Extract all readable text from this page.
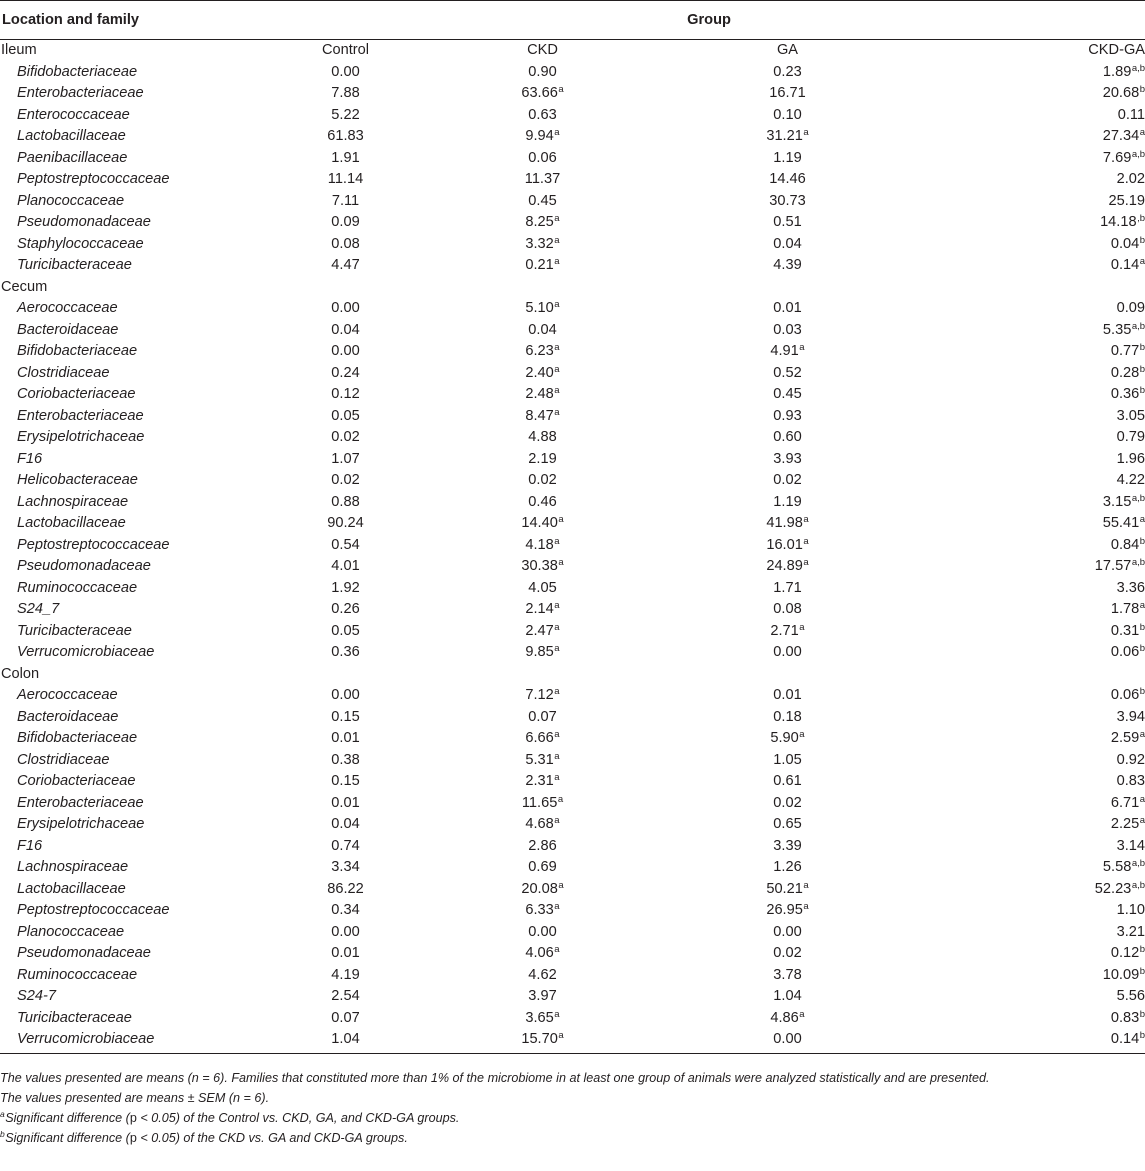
Location and family	Group			
Ileum	Control	CKD	GA	CKD-GA
Bifidobacteriaceae	0.00	0.90	0.23	1.89$^{a,b}$
Enterobacteriaceae	7.88	63.66$^a$	16.71	20.68$^b$
Enterococcaceae	5.22	0.63	0.10	0.11
Lactobacillaceae	61.83	9.94$^a$	31.21$^a$	27.34$^a$
Paenibacillaceae	1.91	0.06	1.19	7.69$^{a,b}$
Peptostreptococcaceae	11.14	11.37	14.46	2.02
Planococcaceae	7.11	0.45	30.73	25.19
Pseudomonadaceae	0.09	8.25$^a$	0.51	$14.18^{,b}$
Staphylococcaceae	0.08	3.32$^a$	0.04	0.04$^b$
Turicibacteraceae	4.47	0.21$^a$	4.39	0.14$^a$
Cecum				
Aerococcaceae	0.00	5.10$^a$	0.01	0.09
Bacteroidaceae	0.04	0.04	0.03	5.35$^{a,b}$
Bifidobacteriaceae	0.00	6.23$^a$	4.91$^a$	0.77$^b$
Clostridiaceae	0.24	2.40$^a$	0.52	0.28$^b$
Coriobacteriaceae	0.12	2.48$^a$	0.45	0.36$^b$
Enterobacteriaceae	0.05	8.47$^a$	0.93	3.05
Erysipelotrichaceae	0.02	4.88	0.60	0.79
F16	1.07	2.19	3.93	1.96
Helicobacteraceae	0.02	0.02	0.02	4.22
Lachnospiraceae	0.88	0.46	1.19	3.15$^{a,b}$
Lactobacillaceae	90.24	14.40$^a$	41.98$^a$	55.41$^a$
Peptostreptococcaceae	0.54	4.18$^a$	16.01$^a$	0.84$^b$
Pseudomonadaceae	4.01	30.38$^a$	24.89$^a$	17.57$^{a,b}$
Ruminococcaceae	1.92	4.05	1.71	3.36
S24_7	0.26	2.14$^a$	0.08	1.78$^a$
Turicibacteraceae	0.05	2.47$^a$	2.71$^a$	0.31$^b$
Verrucomicrobiaceae	0.36	9.85$^a$	0.00	0.06$^b$
Colon				
Aerococcaceae	0.00	7.12$^a$	0.01	0.06$^b$
Bacteroidaceae	0.15	0.07	0.18	3.94
Bifidobacteriaceae	0.01	6.66$^a$	5.90$^a$	2.59$^a$
Clostridiaceae	0.38	5.31$^a$	1.05	0.92
Coriobacteriaceae	0.15	2.31$^a$	0.61	0.83
Enterobacteriaceae	0.01	11.65$^a$	0.02	6.71$^a$
Erysipelotrichaceae	0.04	4.68$^a$	0.65	2.25$^a$
F16	0.74	2.86	3.39	3.14
Lachnospiraceae	3.34	0.69	1.26	5.58$^{a,b}$
Lactobacillaceae	86.22	20.08$^a$	50.21$^a$	52.23$^{a,b}$
Peptostreptococcaceae	0.34	6.33$^a$	26.95$^a$	1.10
Planococcaceae	0.00	0.00	0.00	3.21
Pseudomonadaceae	0.01	4.06$^a$	0.02	0.12$^b$
Ruminococcaceae	4.19	4.62	3.78	10.09$^b$
S24-7	2.54	3.97	1.04	5.56
Turicibacteraceae	0.07	3.65$^a$	4.86$^a$	0.83$^b$
Verrucomicrobiaceae	1.04	15.70$^a$	0.00	0.14$^b$

The values presented are means (n = 6). Families that constituted more than 1% of the microbiome in at least one group of animals were analyzed statistically and are presented.

The values presented are means ± SEM (n = 6).

$^a$Significant difference (p < 0.05) of the Control vs. CKD, GA, and CKD-GA groups.

$^b$Significant difference (p < 0.05) of the CKD vs. GA and CKD-GA groups.
